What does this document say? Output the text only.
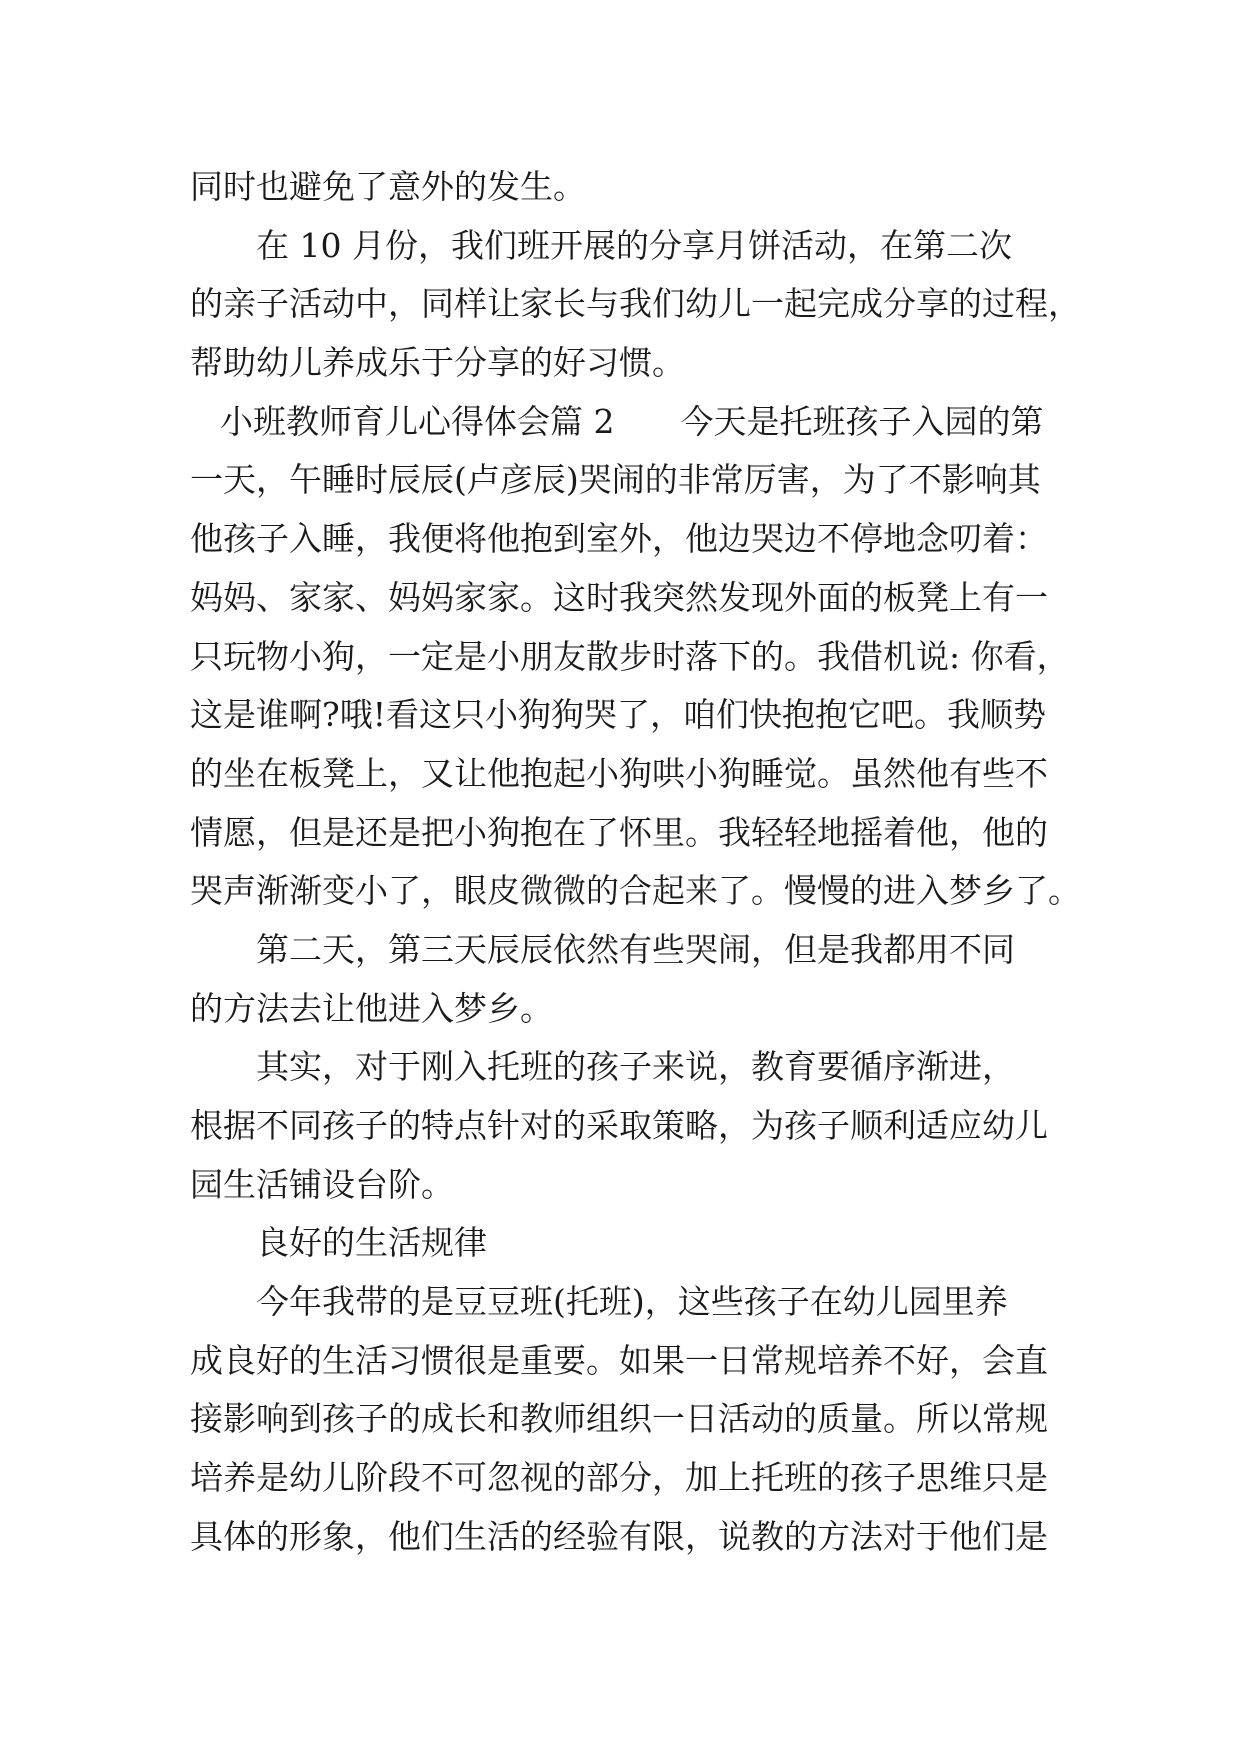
同时也避免了意外的发生。
　　在 10 月份，我们班开展的分享月饼活动，在第二次
的亲子活动中，同样让家长与我们幼儿一起完成分享的过程，
帮助幼儿养成乐于分享的好习惯。
小班教师育儿心得体会篇 2　　今天是托班孩子入园的第
一天，午睡时辰辰(卢彦辰)哭闹的非常厉害，为了不影响其
他孩子入睡，我便将他抱到室外，他边哭边不停地念叨着：
妈妈、家家、妈妈家家。这时我突然发现外面的板凳上有一
只玩物小狗，一定是小朋友散步时落下的。我借机说: 你看，
这是谁啊?哦!看这只小狗狗哭了，咱们快抱抱它吧。我顺势
的坐在板凳上，又让他抱起小狗哄小狗睡觉。虽然他有些不
情愿，但是还是把小狗抱在了怀里。我轻轻地摇着他，他的
哭声渐渐变小了，眼皮微微的合起来了。慢慢的进入梦乡了。
　　第二天，第三天辰辰依然有些哭闹，但是我都用不同
的方法去让他进入梦乡。
　　其实，对于刚入托班的孩子来说，教育要循序渐进，
根据不同孩子的特点针对的采取策略，为孩子顺利适应幼儿
园生活铺设台阶。
　　良好的生活规律
　　今年我带的是豆豆班(托班)，这些孩子在幼儿园里养
成良好的生活习惯很是重要。如果一日常规培养不好，会直
接影响到孩子的成长和教师组织一日活动的质量。所以常规
培养是幼儿阶段不可忽视的部分，加上托班的孩子思维只是
具体的形象，他们生活的经验有限，说教的方法对于他们是
